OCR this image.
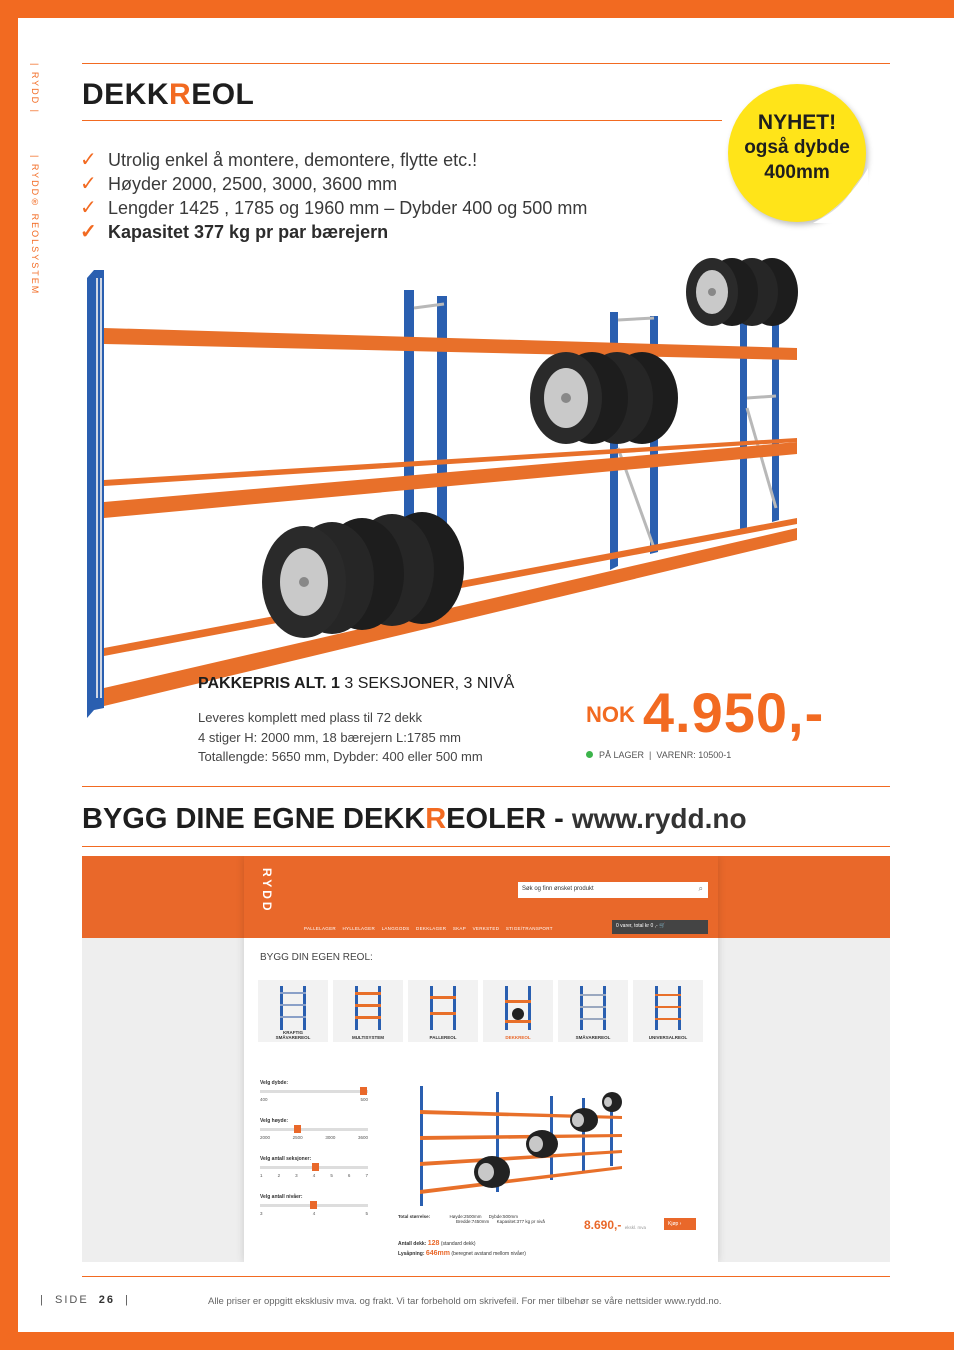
| RYDD |
| RYDD® REOLSYSTEM
DEKKREOL
✓ Utrolig enkel å montere, demontere, flytte etc.!
✓ Høyder 2000, 2500, 3000, 3600 mm
✓ Lengder 1425 , 1785 og 1960 mm – Dybder 400 og 500 mm
✓ Kapasitet 377 kg pr par bærejern
NYHET!
også dybde
400mm
PAKKEPRIS ALT. 1 3 SEKSJONER, 3 NIVÅ
Leveres komplett med plass til 72 dekk
4 stiger H: 2000 mm, 18 bærejern L:1785 mm
Totallengde: 5650 mm, Dybder: 400 eller 500 mm
NOK 4.950,-
PÅ LAGER  |  VARENR: 10500-1
BYGG DINE EGNE DEKKREOLER - www.rydd.no
RYDD	Søk og finn ønsket produkt	⌕
PALLELAGER HYLLELAGER LANGGODS DEKKLAGER SKAP VERKSTED STIGE/TRANSPORT	0 varer, total kr 0 ,- 🛒
BYGG DIN EGEN REOL:
KRAFTIG
SMÅVAREREOL	MULTISYSTEM	PALLEREOL	DEKKREOL	SMÅVAREREOL	UNIVERSALREOL
Velg dybde:
400	500
Velg høyde:
2000	2500	3000	3600
Velg antall seksjoner:
1	2	3	4	5	6	7
Velg antall nivåer:
3	4	5
Total størrelse:	Høyde:2500mm Dybde:500mm
Bredde:7450mm Kapasitet:377 kg pr nivå	8.690,- ekskl. mva
Kjøp ›
Antall dekk: 128 (standard dekk)
Lysåpning: 646mm (beregnet avstand mellom nivåer)
|  SIDE 26  |	Alle priser er oppgitt eksklusiv mva. og frakt. Vi tar forbehold om skrivefeil. For mer tilbehør se våre nettsider www.rydd.no.
